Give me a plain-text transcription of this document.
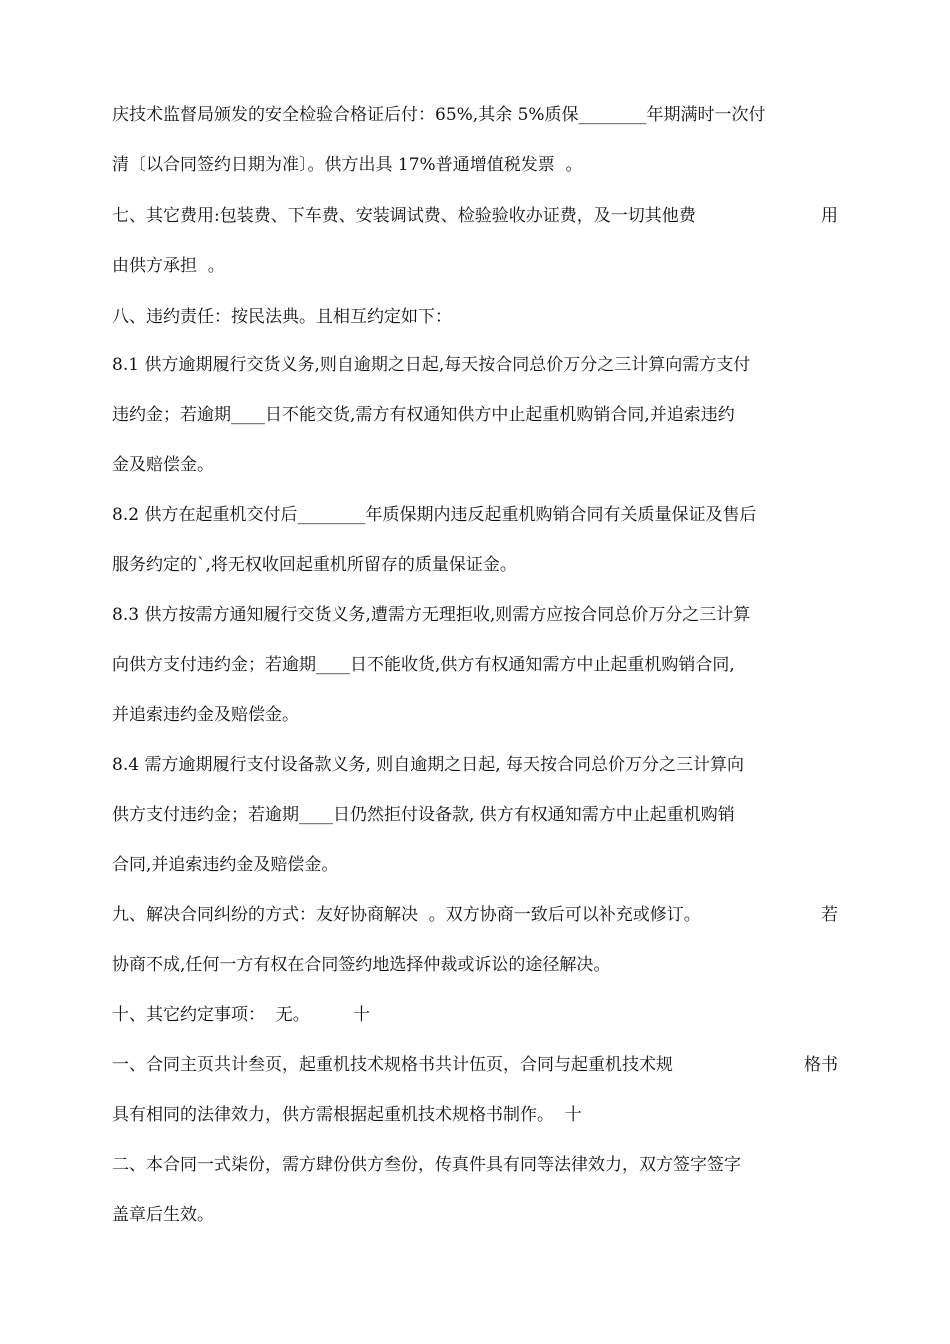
庆技术监督局颁发的安全检验合格证后付：65%,其余 5%质保________年期满时一次付
清〔以合同签约日期为准〕。供方出具 17%普通增值税发票  。
七、其它费用:包装费、下车费、安装调试费、检验验收办证费，及一切其他费	用
由供方承担  。
八、违约责任：按民法典。且相互约定如下：
8.1 供方逾期履行交货义务,则自逾期之日起,每天按合同总价万分之三计算向需方支付
违约金；若逾期____日不能交货,需方有权通知供方中止起重机购销合同,并追索违约
金及赔偿金。
8.2 供方在起重机交付后________年质保期内违反起重机购销合同有关质量保证及售后
服务约定的`,将无权收回起重机所留存的质量保证金。
8.3 供方按需方通知履行交货义务,遭需方无理拒收,则需方应按合同总价万分之三计算
向供方支付违约金；若逾期____日不能收货,供方有权通知需方中止起重机购销合同,
并追索违约金及赔偿金。
8.4 需方逾期履行支付设备款义务, 则自逾期之日起, 每天按合同总价万分之三计算向
供方支付违约金；若逾期____日仍然拒付设备款, 供方有权通知需方中止起重机购销
合同,并追索违约金及赔偿金。
九、解决合同纠纷的方式：友好协商解决  。双方协商一致后可以补充或修订。	若
协商不成,任何一方有权在合同签约地选择仲裁或诉讼的途径解决。
十、其它约定事项：  无。        十
一、合同主页共计叁页，起重机技术规格书共计伍页，合同与起重机技术规	格书
具有相同的法律效力，供方需根据起重机技术规格书制作。  十
二、本合同一式柒份，需方肆份供方叁份，传真件具有同等法律效力，双方签字签字
盖章后生效。
